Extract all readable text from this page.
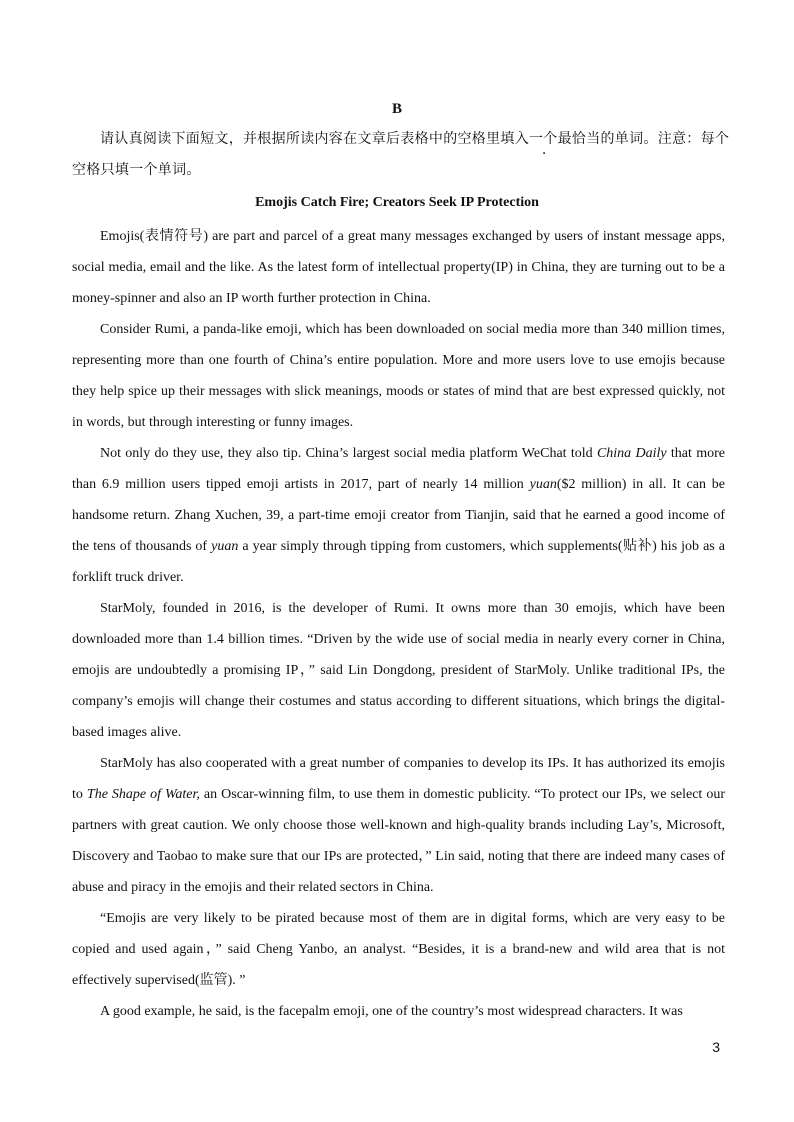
B
请认真阅读下面短文，并根据所读内容在文章后表格中的空格里填入一个最恰当的单词。注意：每个
空格只填一个单词。
Emojis Catch Fire; Creators Seek IP Protection

Emojis(表情符号) are part and parcel of a great many messages exchanged by users of instant message apps, social media, email and the like. As the latest form of intellectual property(IP) in China, they are turning out to be a money-spinner and also an IP worth further protection in China.

Consider Rumi, a panda-like emoji, which has been downloaded on social media more than 340 million times, representing more than one fourth of China’s entire population. More and more users love to use emojis because they help spice up their messages with slick meanings, moods or states of mind that are best expressed quickly, not in words, but through interesting or funny images.

Not only do they use, they also tip. China’s largest social media platform WeChat told China Daily that more than 6.9 million users tipped emoji artists in 2017, part of nearly 14 million yuan($2 million) in all. It can be handsome return. Zhang Xuchen, 39, a part-time emoji creator from Tianjin, said that he earned a good income of the tens of thousands of yuan a year simply through tipping from customers, which supplements(贴补) his job as a forklift truck driver.

StarMoly, founded in 2016, is the developer of Rumi. It owns more than 30 emojis, which have been downloaded more than 1.4 billion times. “Driven by the wide use of social media in nearly every corner in China, emojis are undoubtedly a promising IP，” said Lin Dongdong, president of StarMoly. Unlike traditional IPs, the company’s emojis will change their costumes and status according to different situations, which brings the digital-based images alive.

StarMoly has also cooperated with a great number of companies to develop its IPs. It has authorized its emojis to The Shape of Water, an Oscar-winning film, to use them in domestic publicity. “To protect our IPs, we select our partners with great caution. We only choose those well-known and high-quality brands including Lay’s, Microsoft, Discovery and Taobao to make sure that our IPs are protected，” Lin said, noting that there are indeed many cases of abuse and piracy in the emojis and their related sectors in China.

“Emojis are very likely to be pirated because most of them are in digital forms, which are very easy to be copied and used again，” said Cheng Yanbo, an analyst. “Besides, it is a brand-new and wild area that is not effectively supervised(监管). ”

A good example, he said, is the facepalm emoji, one of the country’s most widespread characters. It was

3
